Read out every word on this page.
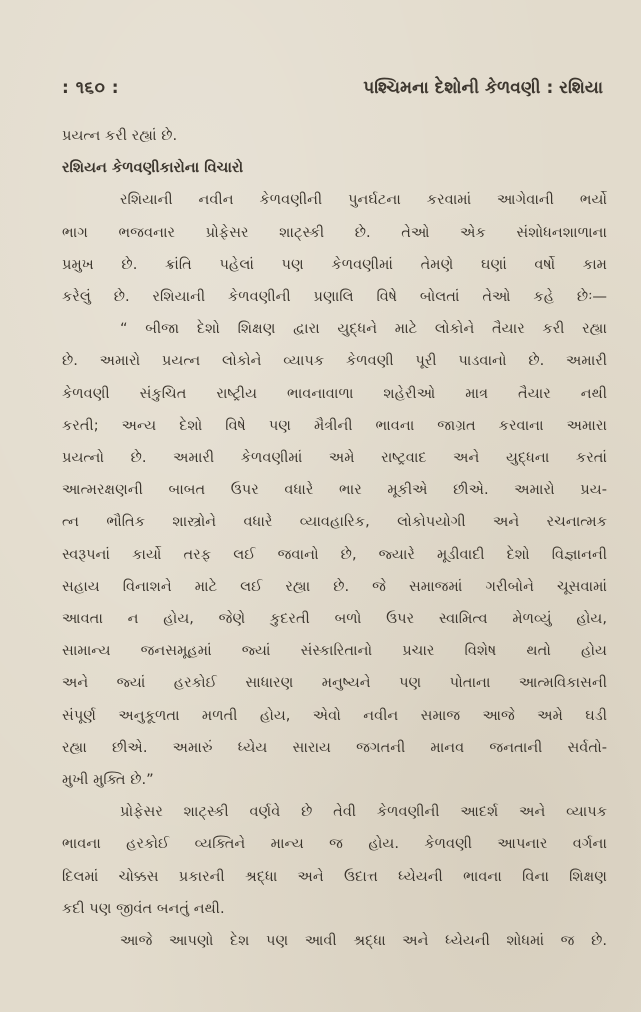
: ૧૬૦ :	પશ્ચિમના દેશોની કેળવણી : રશિયા
પ્રયત્ન કરી રહ્યાં છે.
રશિયન કેળવણીકારોના વિચારો
રશિયાની નવીન કેળવણીની પુનર્ઘટના કરવામાં આગેવાની ભર્યો
ભાગ ભજવનાર પ્રોફેસર શાટ્સ્કી છે. તેઓ એક સંશોધનશાળાના
પ્રમુખ છે. ક્રાંતિ પહેલાં પણ કેળવણીમાં તેમણે ઘણાં વર્ષો કામ
કરેલું છે. રશિયાની કેળવણીની પ્રણાલિ વિષે બોલતાં તેઓ કહે છેઃ—
“ બીજા દેશો શિક્ષણ દ્વારા યુદ્ધને માટે લોકોને તૈયાર કરી રહ્યા
છે. અમારો પ્રયત્ન લોકોને વ્યાપક કેળવણી પૂરી પાડવાનો છે. અમારી
કેળવણી સંકુચિત રાષ્ટ્રીય ભાવનાવાળા શહેરીઓ માત્ર તૈયાર નથી
કરતી; અન્ય દેશો વિષે પણ મૈત્રીની ભાવના જાગ્રત કરવાના અમારા
પ્રયત્નો છે. અમારી કેળવણીમાં અમે રાષ્ટ્રવાદ અને યુદ્ધના કરતાં
આત્મરક્ષણની બાબત ઉપર વધારે ભાર મૂકીએ છીએ. અમારો પ્રય-
ત્ન ભૌતિક શાસ્ત્રોને વધારે વ્યાવહારિક, લોકોપયોગી અને રચનાત્મક
સ્વરૂપનાં કાર્યો તરફ લઈ જવાનો છે, જ્યારે મૂડીવાદી દેશો વિજ્ઞાનની
સહાય વિનાશને માટે લઈ રહ્યા છે. જે સમાજમાં ગરીબોને ચૂસવામાં
આવતા ન હોય, જેણે કુદરતી બળો ઉપર સ્વામિત્વ મેળવ્યું હોય,
સામાન્ય જનસમૂહમાં જ્યાં સંસ્કારિતાનો પ્રચાર વિશેષ થતો હોય
અને જ્યાં હરકોઈ સાધારણ મનુષ્યને પણ પોતાના આત્મવિકાસની
સંપૂર્ણ અનુકૂળતા મળતી હોય, એવો નવીન સમાજ આજે અમે ઘડી
રહ્યા છીએ. અમારું ધ્યેય સારાય જગતની માનવ જનતાની સર્વતો-
મુખી મુક્તિ છે.”
પ્રોફેસર શાટ્સ્કી વર્ણવે છે તેવી કેળવણીની આદર્શ અને વ્યાપક
ભાવના હરકોઈ વ્યક્તિને માન્ય જ હોય. કેળવણી આપનાર વર્ગના
દિલમાં ચોક્કસ પ્રકારની શ્રદ્ધા અને ઉદાત્ત ધ્યેયની ભાવના વિના શિક્ષણ
કદી પણ જીવંત બનતું નથી.
આજે આપણો દેશ પણ આવી શ્રદ્ધા અને ધ્યેયની શોધમાં જ છે.
